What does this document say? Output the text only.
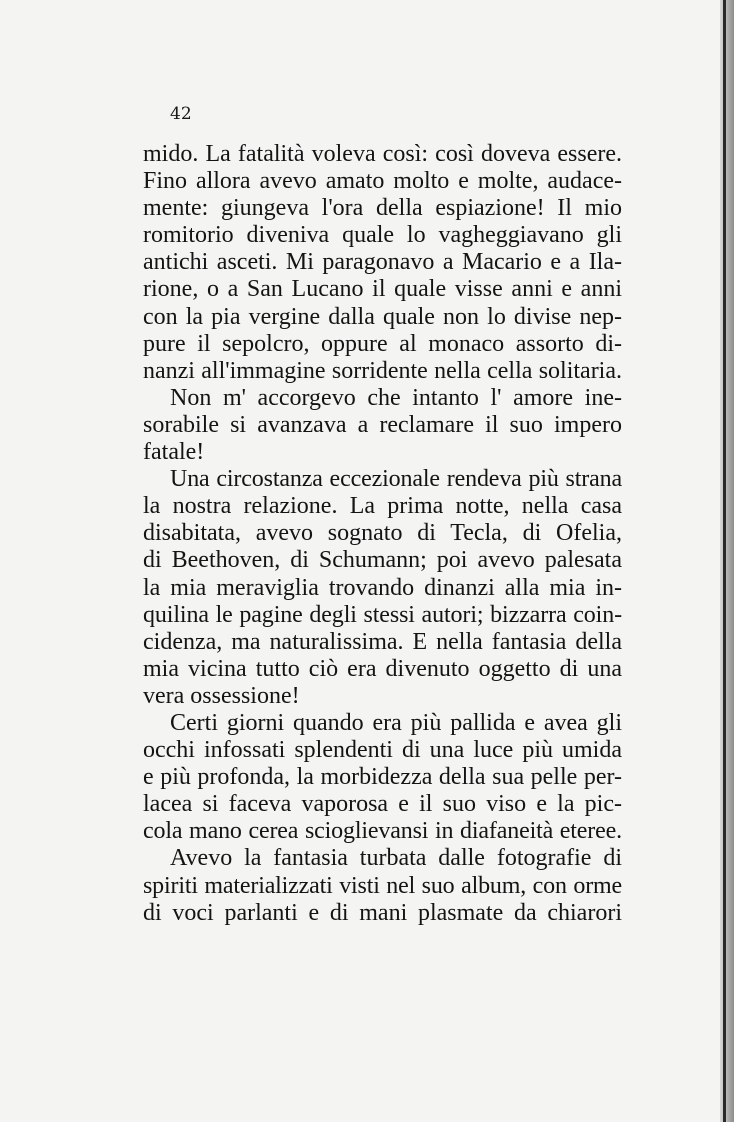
42
mido. La fatalità voleva così: così doveva essere.
Fino allora avevo amato molto e molte, audace-
mente: giungeva l'ora della espiazione! Il mio
romitorio diveniva quale lo vagheggiavano gli
antichi asceti. Mi paragonavo a Macario e a Ila-
rione, o a San Lucano il quale visse anni e anni
con la pia vergine dalla quale non lo divise nep-
pure il sepolcro, oppure al monaco assorto di-
nanzi all'immagine sorridente nella cella solitaria.
Non m' accorgevo che intanto l' amore ine-
sorabile si avanzava a reclamare il suo impero
fatale!
Una circostanza eccezionale rendeva più strana
la nostra relazione. La prima notte, nella casa
disabitata, avevo sognato di Tecla, di Ofelia,
di Beethoven, di Schumann; poi avevo palesata
la mia meraviglia trovando dinanzi alla mia in-
quilina le pagine degli stessi autori; bizzarra coin-
cidenza, ma naturalissima. E nella fantasia della
mia vicina tutto ciò era divenuto oggetto di una
vera ossessione!
Certi giorni quando era più pallida e avea gli
occhi infossati splendenti di una luce più umida
e più profonda, la morbidezza della sua pelle per-
lacea si faceva vaporosa e il suo viso e la pic-
cola mano cerea scioglievansi in diafaneità eteree.
Avevo la fantasia turbata dalle fotografie di
spiriti materializzati visti nel suo album, con orme
di voci parlanti e di mani plasmate da chiarori
